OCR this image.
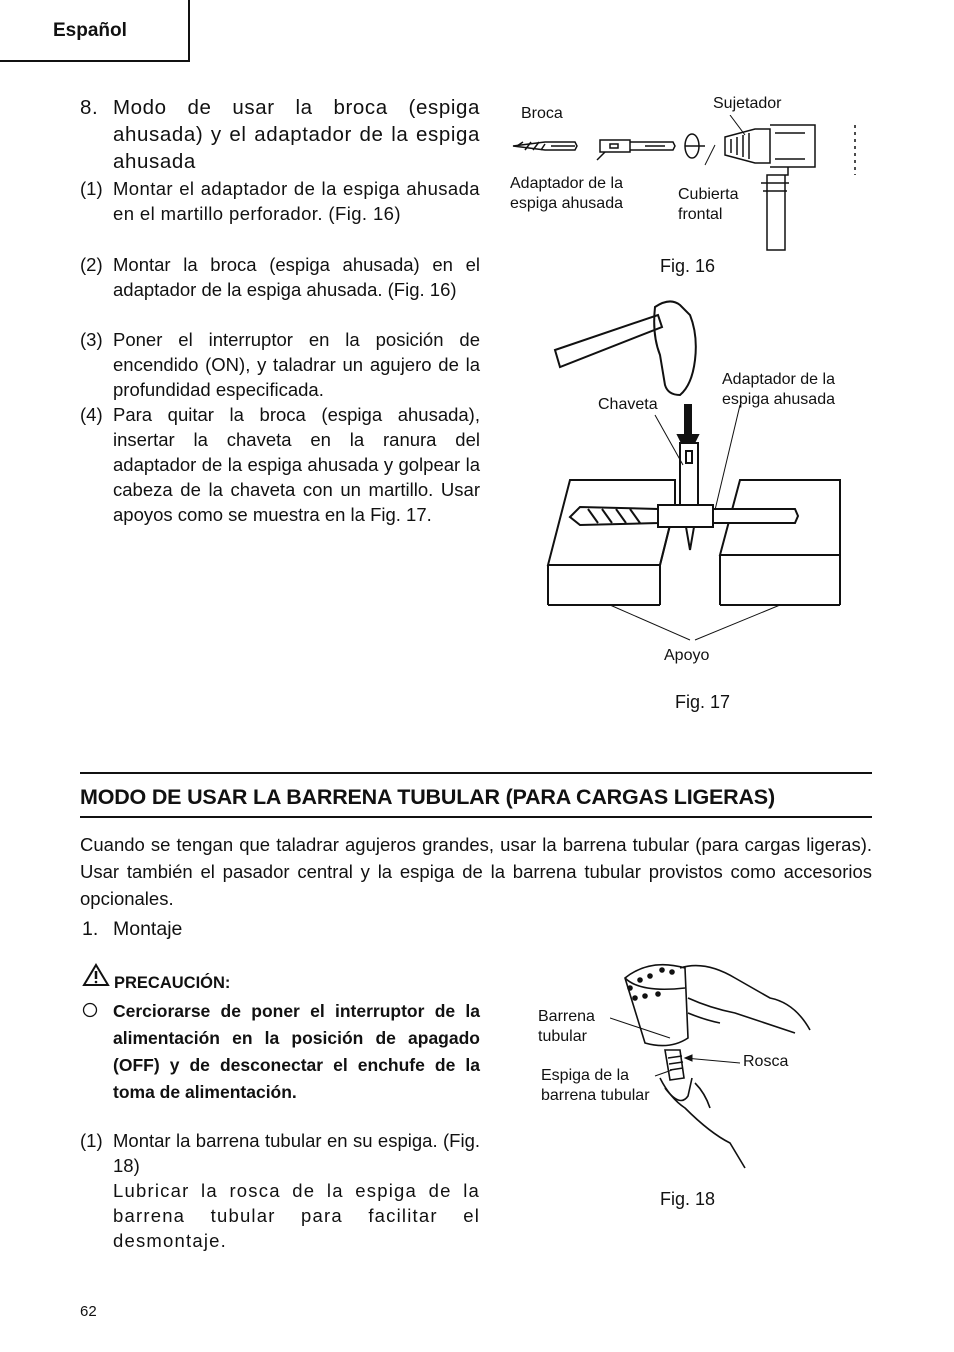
Español
8. Modo de usar la broca (espiga ahusada) y el adaptador de la espiga ahusada
(1) Montar el adaptador de la espiga ahusada en el martillo perforador. (Fig. 16)
(2) Montar la broca (espiga ahusada) en el adaptador de la espiga ahusada. (Fig. 16)
(3) Poner el interruptor en la posición de encendido (ON), y taladrar un agujero de la profundidad especificada.
(4) Para quitar la broca (espiga ahusada), insertar la chaveta en la ranura del adaptador de la espiga ahusada y golpear la cabeza de la chaveta con un martillo. Usar apoyos como se muestra en la Fig. 17.
Broca
Sujetador
Adaptador de la espiga ahusada
Cubierta frontal
Fig. 16
Chaveta
Adaptador de la espiga ahusada
Apoyo
Fig. 17
MODO DE USAR LA BARRENA TUBULAR (PARA CARGAS LIGERAS)
Cuando se tengan que taladrar agujeros grandes, usar la barrena tubular (para cargas ligeras). Usar también el pasador central y la espiga de la barrena tubular provistos como accesorios opcionales.
1. Montaje
PRECAUCIÓN:
Cerciorarse de poner el interruptor de la alimentación en la posición de apagado (OFF) y de desconectar el enchufe de la toma de alimentación.
(1) Montar la barrena tubular en su espiga. (Fig. 18)
Lubricar la rosca de la espiga de la barrena tubular para facilitar el desmontaje.
Barrena tubular
Rosca
Espiga de la barrena tubular
Fig. 18
62
